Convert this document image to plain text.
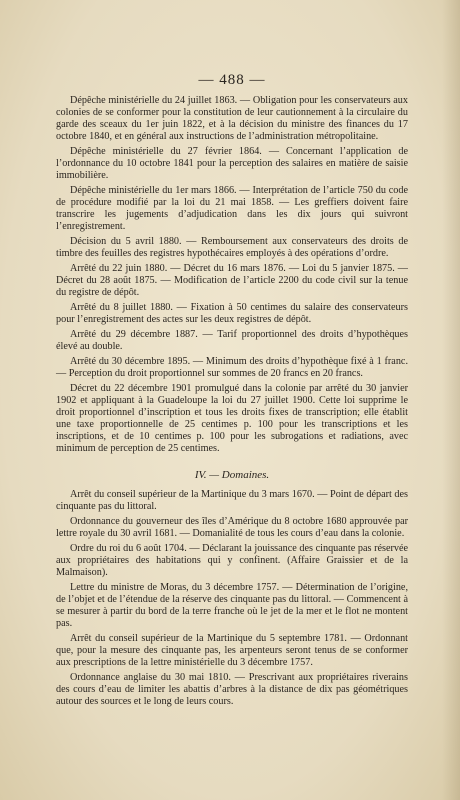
— 488 —

Dépêche ministérielle du 24 juillet 1863. — Obligation pour les conservateurs aux colonies de se conformer pour la constitution de leur cautionnement à la circulaire du garde des sceaux du 1er juin 1822, et à la décision du ministre des finances du 17 octobre 1840, et en général aux instructions de l’administration métropolitaine.

Dépêche ministérielle du 27 février 1864. — Concernant l’application de l’ordonnance du 10 octobre 1841 pour la perception des salaires en matière de saisie immobilière.

Dépêche ministérielle du 1er mars 1866. — Interprétation de l’article 750 du code de procédure modifié par la loi du 21 mai 1858. — Les greffiers doivent faire transcrire les jugements d’adjudication dans les dix jours qui suivront l’enregistrement.

Décision du 5 avril 1880. — Remboursement aux conservateurs des droits de timbre des feuilles des registres hypothécaires employés à des opérations d’ordre.

Arrêté du 22 juin 1880. — Décret du 16 mars 1876. — Loi du 5 janvier 1875. — Décret du 28 août 1875. — Modification de l’article 2200 du code civil sur la tenue du registre de dépôt.

Arrêté du 8 juillet 1880. — Fixation à 50 centimes du salaire des conservateurs pour l’enregistrement des actes sur les deux registres de dépôt.

Arrêté du 29 décembre 1887. — Tarif proportionnel des droits d’hypothèques élevé au double.

Arrêté du 30 décembre 1895. — Minimum des droits d’hypothèque fixé à 1 franc. — Perception du droit proportionnel sur sommes de 20 francs en 20 francs.

Décret du 22 décembre 1901 promulgué dans la colonie par arrêté du 30 janvier 1902 et appliquant à la Guadeloupe la loi du 27 juillet 1900. Cette loi supprime le droit proportionnel d’inscription et tous les droits fixes de transcription; elle établit une taxe proportionnelle de 25 centimes p. 100 pour les transcriptions et les inscriptions, et de 10 centimes p. 100 pour les subrogations et radiations, avec minimum de perception de 25 centimes.

IV. — Domaines.

Arrêt du conseil supérieur de la Martinique du 3 mars 1670. — Point de départ des cinquante pas du littoral.

Ordonnance du gouverneur des îles d’Amérique du 8 octobre 1680 approuvée par lettre royale du 30 avril 1681. — Domanialité de tous les cours d’eau dans la colonie.

Ordre du roi du 6 août 1704. — Déclarant la jouissance des cinquante pas réservée aux propriétaires des habitations qui y confinent. (Affaire Graissier et de la Malmaison).

Lettre du ministre de Moras, du 3 décembre 1757. — Détermination de l’origine, de l’objet et de l’étendue de la réserve des cinquante pas du littoral. — Commencent à se mesurer à partir du bord de la terre franche où le jet de la mer et le flot ne montent pas.

Arrêt du conseil supérieur de la Martinique du 5 septembre 1781. — Ordonnant que, pour la mesure des cinquante pas, les arpenteurs seront tenus de se conformer aux prescriptions de la lettre ministérielle du 3 décembre 1757.

Ordonnance anglaise du 30 mai 1810. — Prescrivant aux propriétaires riverains des cours d’eau de limiter les abattis d’arbres à la distance de dix pas géométriques autour des sources et le long de leurs cours.
